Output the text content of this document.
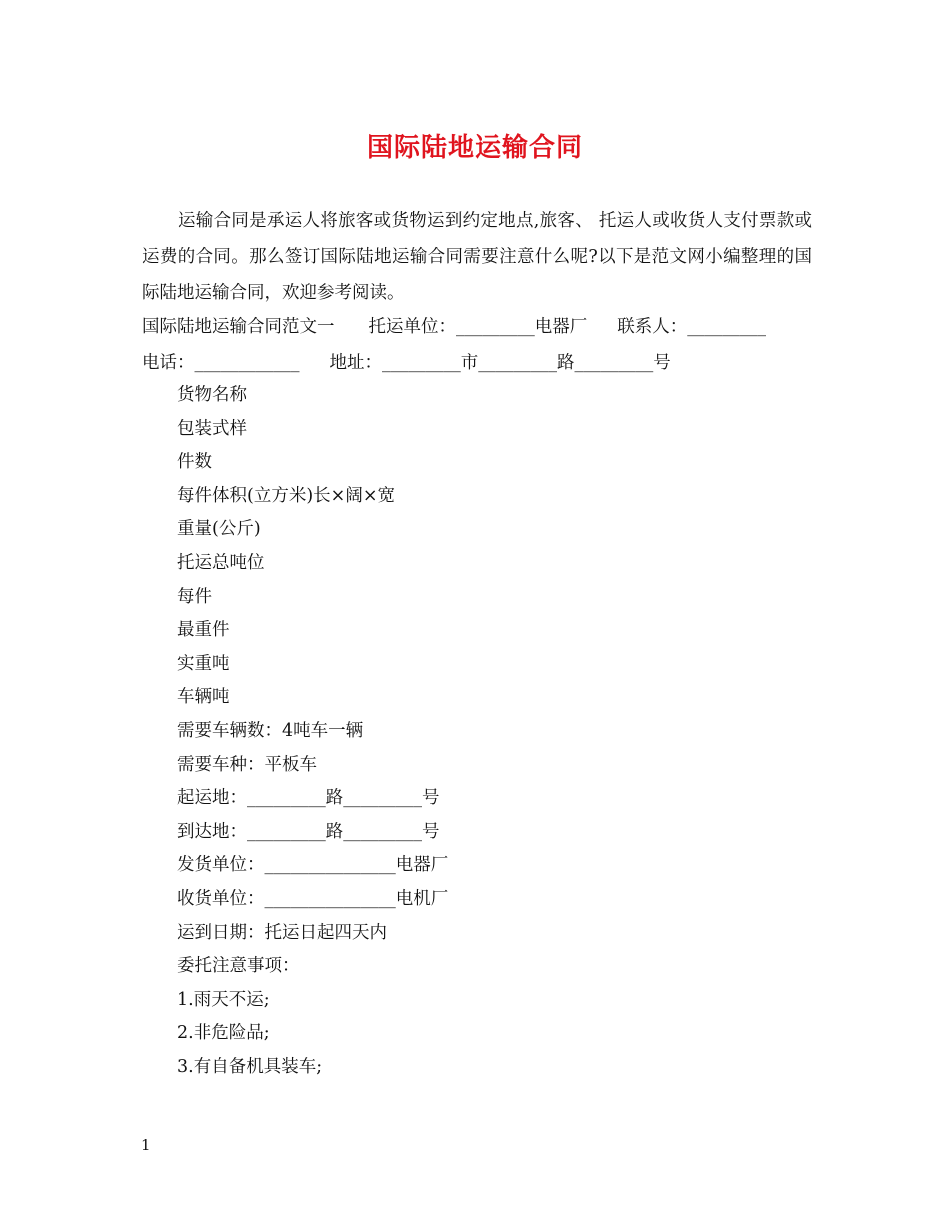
国际陆地运输合同

运输合同是承运人将旅客或货物运到约定地点,旅客、 托运人或收货人支付票款或运费的合同。那么签订国际陆地运输合同需要注意什么呢?以下是范文网小编整理的国际陆地运输合同，欢迎参考阅读。

国际陆地运输合同范文一 托运单位：_________电器厂 联系人：_________

电话：____________ 地址：_________市_________路_________号

货物名称
包装式样
件数
每件体积(立方米)长×阔×宽
重量(公斤)
托运总吨位
每件
最重件
实重吨
车辆吨
需要车辆数：4吨车一辆
需要车种：平板车
起运地：_________路_________号
到达地：_________路_________号
发货单位：_______________电器厂
收货单位：_______________电机厂
运到日期：托运日起四天内
委托注意事项：
1.雨天不运;
2.非危险品;
3.有自备机具装车;
1
